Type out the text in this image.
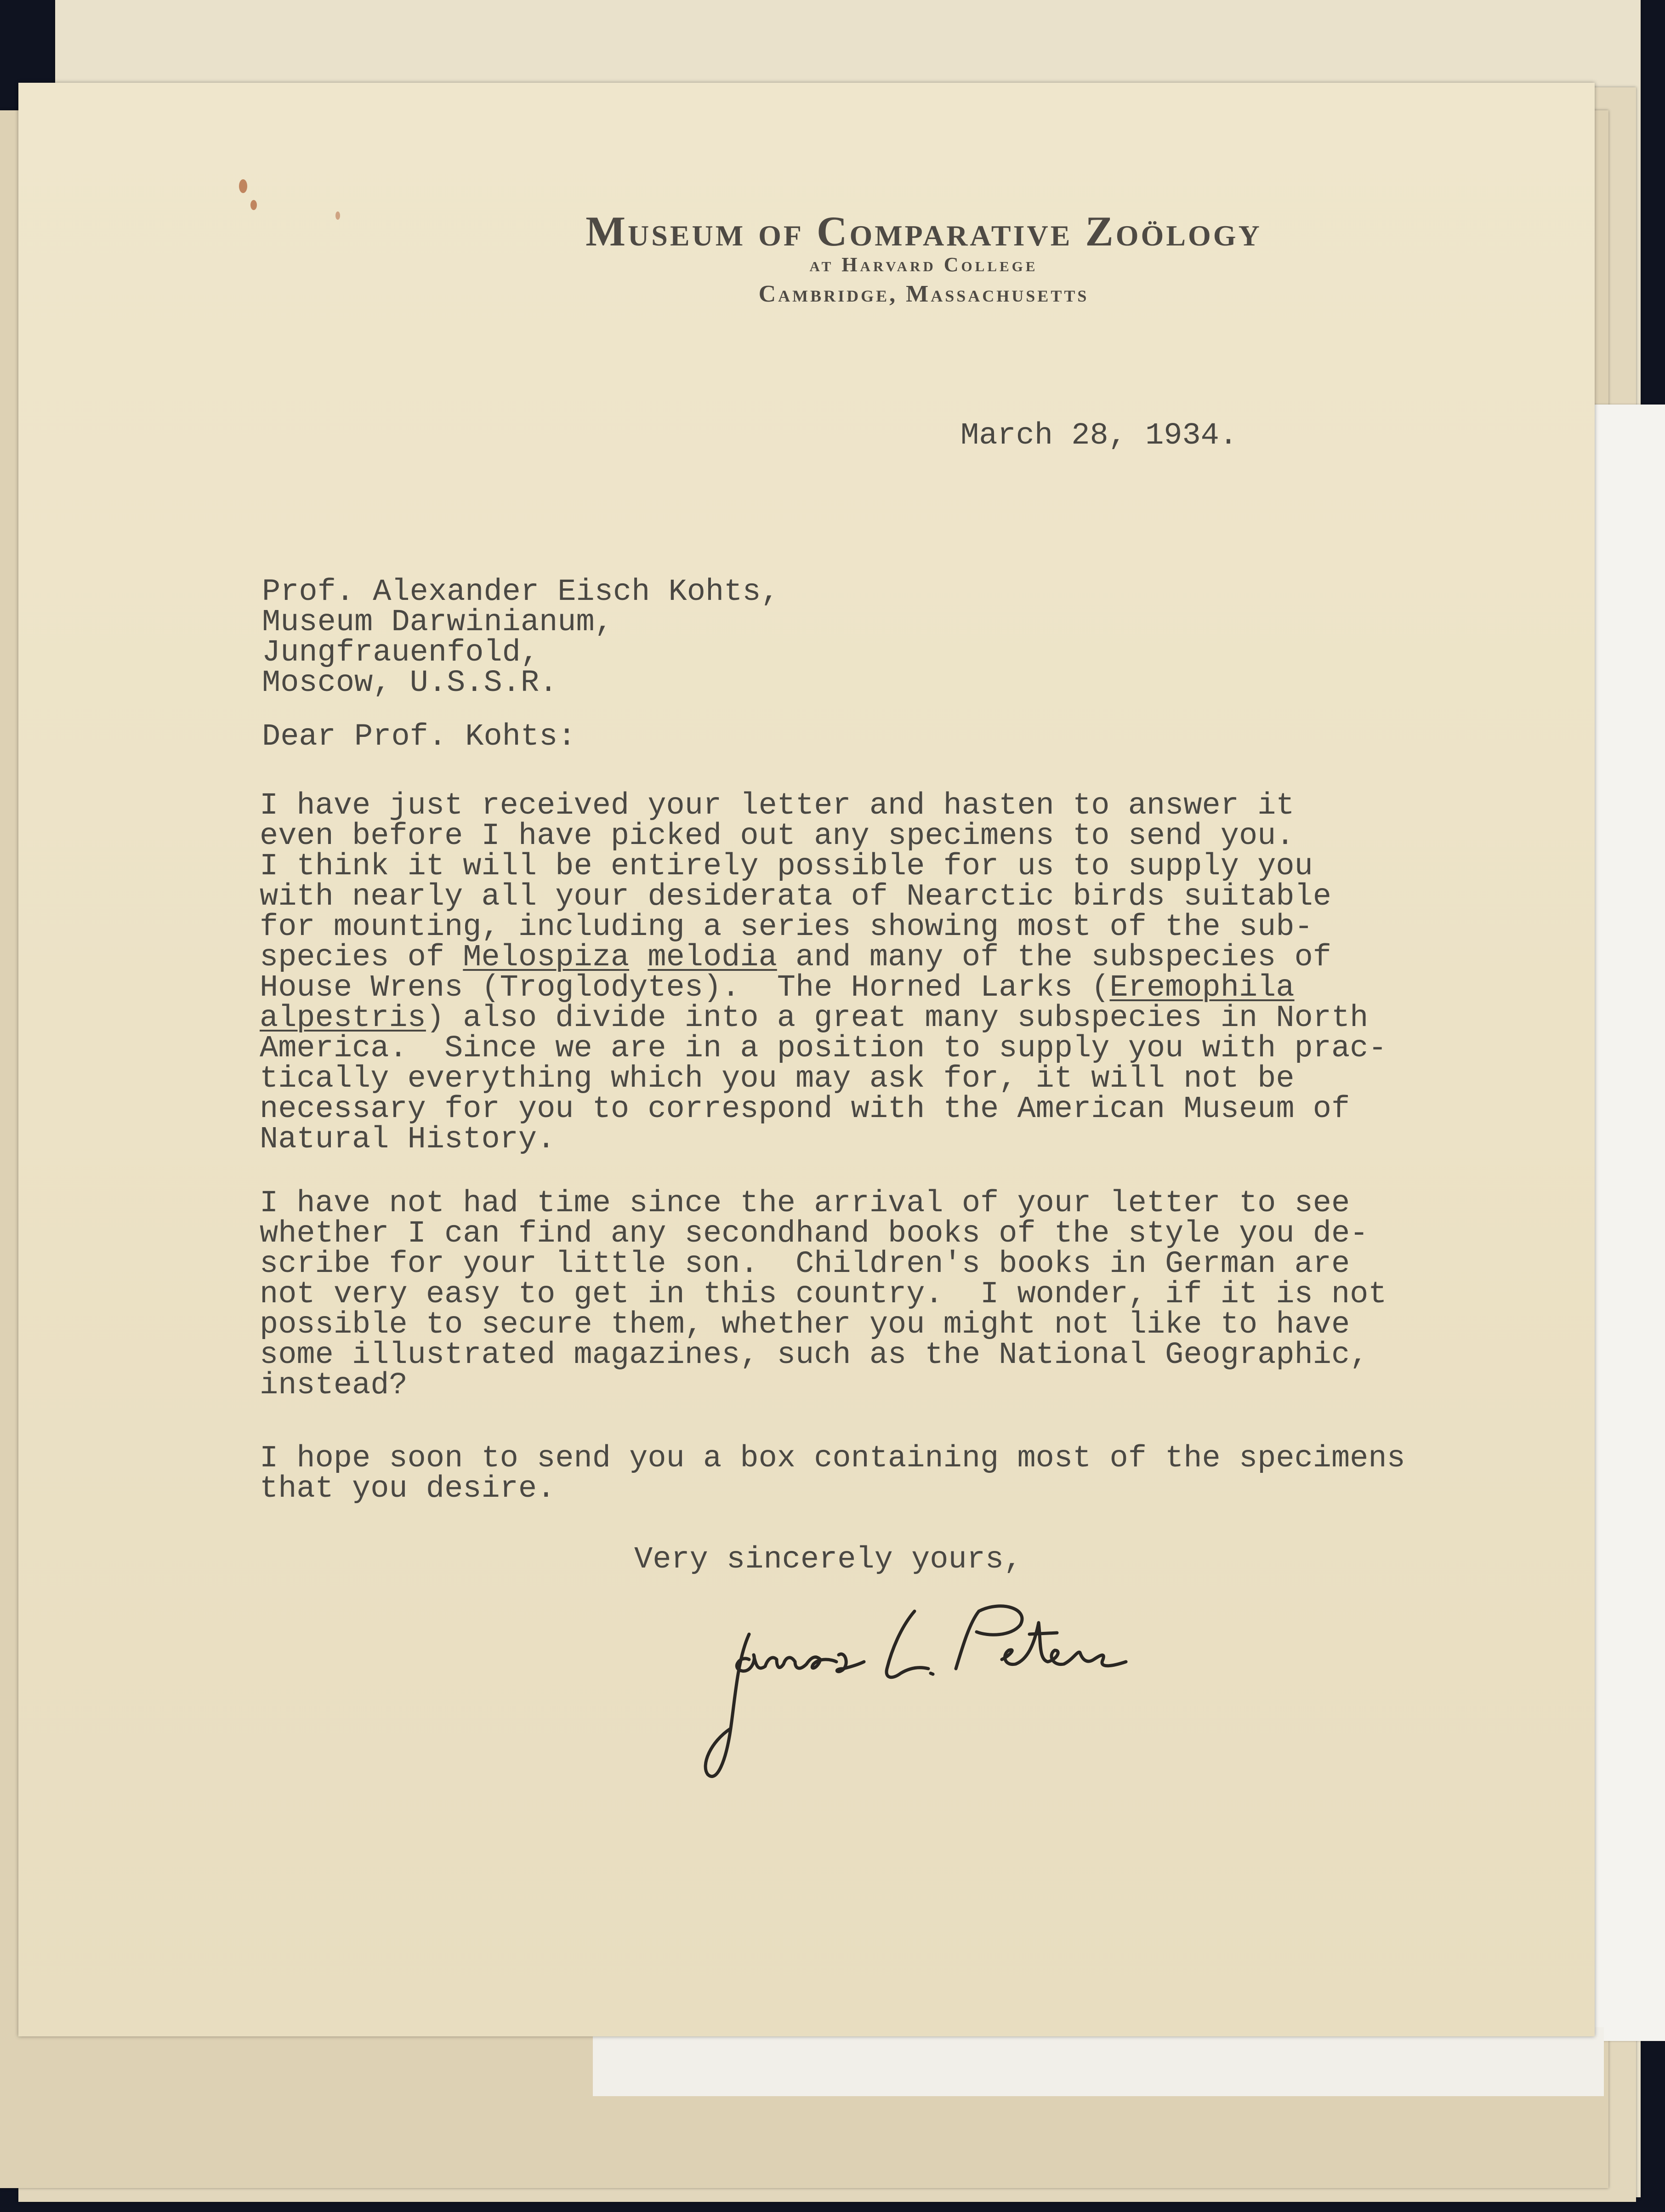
Museum of Comparative Zoölogy
at Harvard College
Cambridge, Massachusetts
March 28, 1934.
Prof. Alexander Eisch Kohts,
Museum Darwinianum,
Jungfrauenfold,
Moscow, U.S.S.R.
Dear Prof. Kohts:
I have just received your letter and hasten to answer it
even before I have picked out any specimens to send you.
I think it will be entirely possible for us to supply you
with nearly all your desiderata of Nearctic birds suitable
for mounting, including a series showing most of the sub-
species of Melospiza melodia and many of the subspecies of
House Wrens (Troglodytes).  The Horned Larks (Eremophila
alpestris) also divide into a great many subspecies in North
America.  Since we are in a position to supply you with prac-
tically everything which you may ask for, it will not be
necessary for you to correspond with the American Museum of
Natural History.
I have not had time since the arrival of your letter to see
whether I can find any secondhand books of the style you de-
scribe for your little son.  Children's books in German are
not very easy to get in this country.  I wonder, if it is not
possible to secure them, whether you might not like to have
some illustrated magazines, such as the National Geographic,
instead?
I hope soon to send you a box containing most of the specimens
that you desire.
Very sincerely yours,
James L. Peters
